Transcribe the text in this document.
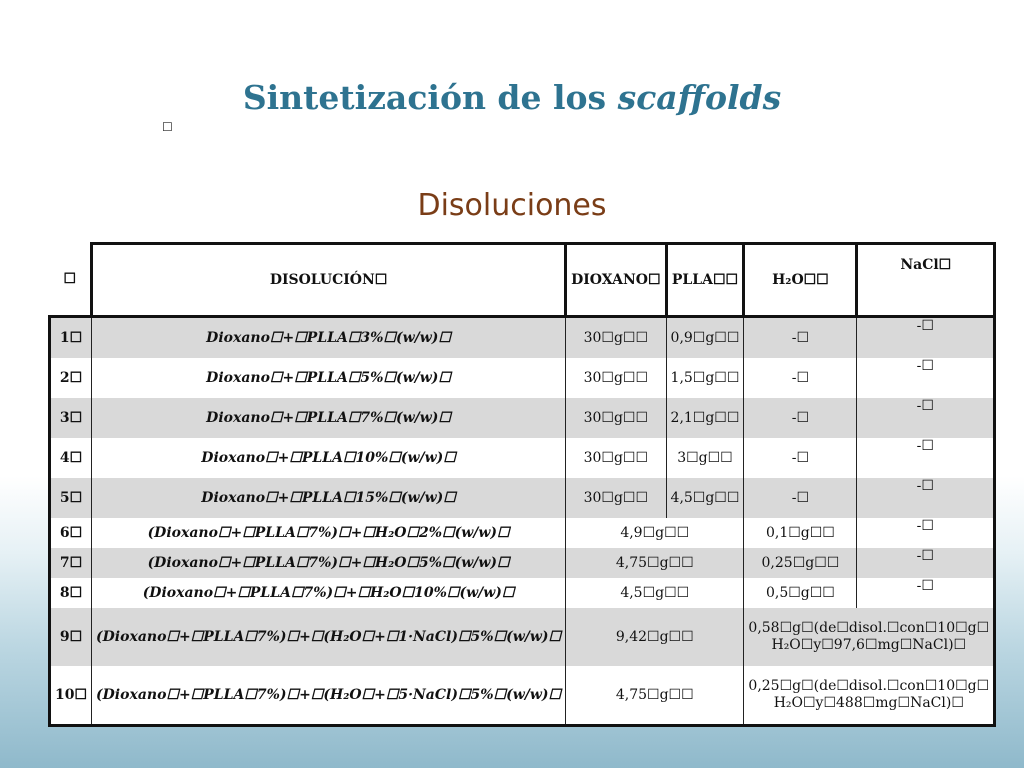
Sintetización de los scaffolds
☐
Disoluciones
☐	DISOLUCIÓN☐	DIOXANO☐	PLLA☐☐	H₂O☐☐	NaCl☐
1☐	Dioxano☐+☐PLLA☐3%☐(w/w)☐	30☐g☐☐	0,9☐g☐☐	-☐	-☐
2☐	Dioxano☐+☐PLLA☐5%☐(w/w)☐	30☐g☐☐	1,5☐g☐☐	-☐	-☐
3☐	Dioxano☐+☐PLLA☐7%☐(w/w)☐	30☐g☐☐	2,1☐g☐☐	-☐	-☐
4☐	Dioxano☐+☐PLLA☐10%☐(w/w)☐	30☐g☐☐	3☐g☐☐	-☐	-☐
5☐	Dioxano☐+☐PLLA☐15%☐(w/w)☐	30☐g☐☐	4,5☐g☐☐	-☐	-☐
6☐	(Dioxano☐+☐PLLA☐7%)☐+☐H₂O☐2%☐(w/w)☐	4,9☐g☐☐		0,1☐g☐☐	-☐
7☐	(Dioxano☐+☐PLLA☐7%)☐+☐H₂O☐5%☐(w/w)☐	4,75☐g☐☐		0,25☐g☐☐	-☐
8☐	(Dioxano☐+☐PLLA☐7%)☐+☐H₂O☐10%☐(w/w)☐	4,5☐g☐☐		0,5☐g☐☐	-☐
9☐	(Dioxano☐+☐PLLA☐7%)☐+☐(H₂O☐+☐1·NaCl)☐5%☐(w/w)☐	9,42☐g☐☐		0,58☐g☐(de☐disol.☐con☐10☐g☐
H₂O☐y☐97,6☐mg☐NaCl)☐	

10☐	(Dioxano☐+☐PLLA☐7%)☐+☐(H₂O☐+☐5·NaCl)☐5%☐(w/w)☐	4,75☐g☐☐		0,25☐g☐(de☐disol.☐con☐10☐g☐
H₂O☐y☐488☐mg☐NaCl)☐	
